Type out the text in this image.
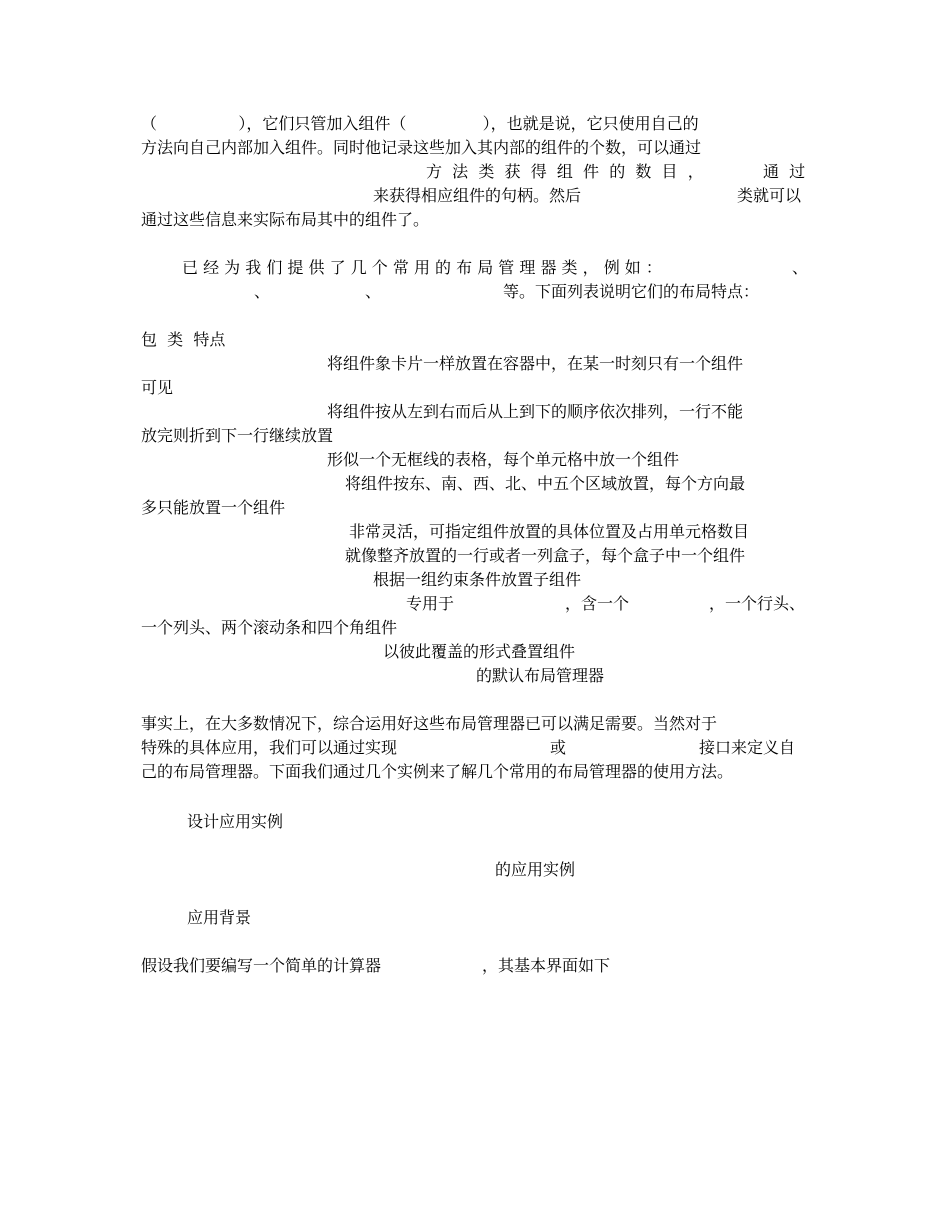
（                ），它们只管加入组件（               ），也就是说，它只使用自己的

方法向自己内部加入组件。同时他记录这些加入其内部的组件的个数，可以通过

方  法  类  获  得  组  件  的  数  目  ，	通  过

来获得相应组件的句柄。然后	类就可以

通过这些信息来实际布局其中的组件了。

已 经 为 我 们 提 供 了 几 个 常 用 的 布 局 管 理 器 类 ， 例 如 ：	、

、	、	等。下面列表说明它们的布局特点：

包  类  特点

将组件象卡片一样放置在容器中，在某一时刻只有一个组件

可见

将组件按从左到右而后从上到下的顺序依次排列，一行不能

放完则折到下一行继续放置

形似一个无框线的表格，每个单元格中放一个组件

将组件按东、南、西、北、中五个区域放置，每个方向最

多只能放置一个组件

非常灵活，可指定组件放置的具体位置及占用单元格数目

就像整齐放置的一行或者一列盒子，每个盒子中一个组件

根据一组约束条件放置子组件

专用于	，含一个	，一个行头、

一个列头、两个滚动条和四个角组件

以彼此覆盖的形式叠置组件

的默认布局管理器

事实上，在大多数情况下，综合运用好这些布局管理器已可以满足需要。当然对于

特殊的具体应用，我们可以通过实现	或	接口来定义自

己的布局管理器。下面我们通过几个实例来了解几个常用的布局管理器的使用方法。

设计应用实例

的应用实例

应用背景

假设我们要编写一个简单的计算器	，其基本界面如下
